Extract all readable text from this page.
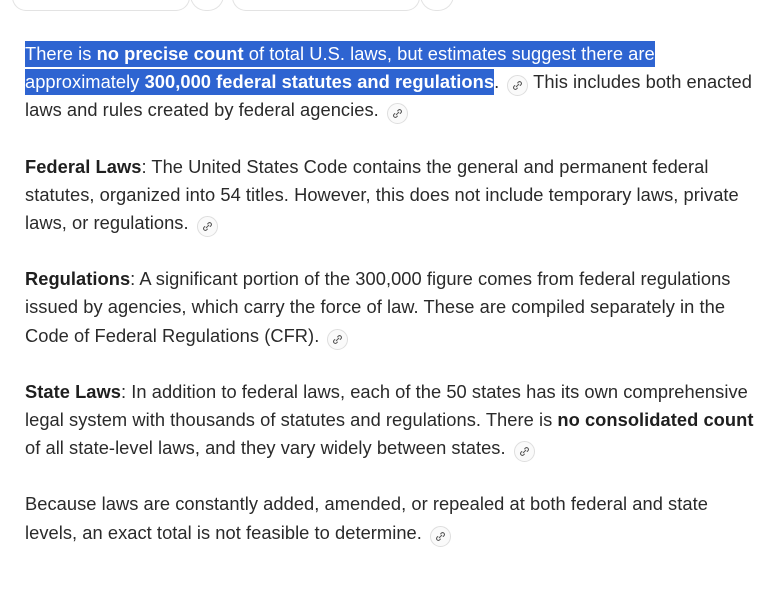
There is no precise count of total U.S. laws, but estimates suggest there are approximately 300,000 federal statutes and regulations.
This includes both enacted laws and rules created by federal agencies.

Federal Laws: The United States Code contains the general and permanent federal statutes, organized into 54 titles. However, this does not include temporary laws, private laws, or regulations.

Regulations: A significant portion of the 300,000 figure comes from federal regulations issued by agencies, which carry the force of law. These are compiled separately in the Code of Federal Regulations (CFR).

State Laws: In addition to federal laws, each of the 50 states has its own comprehensive legal system with thousands of statutes and regulations. There is no consolidated count of all state-level laws, and they vary widely between states.

Because laws are constantly added, amended, or repealed at both federal and state levels, an exact total is not feasible to determine.
